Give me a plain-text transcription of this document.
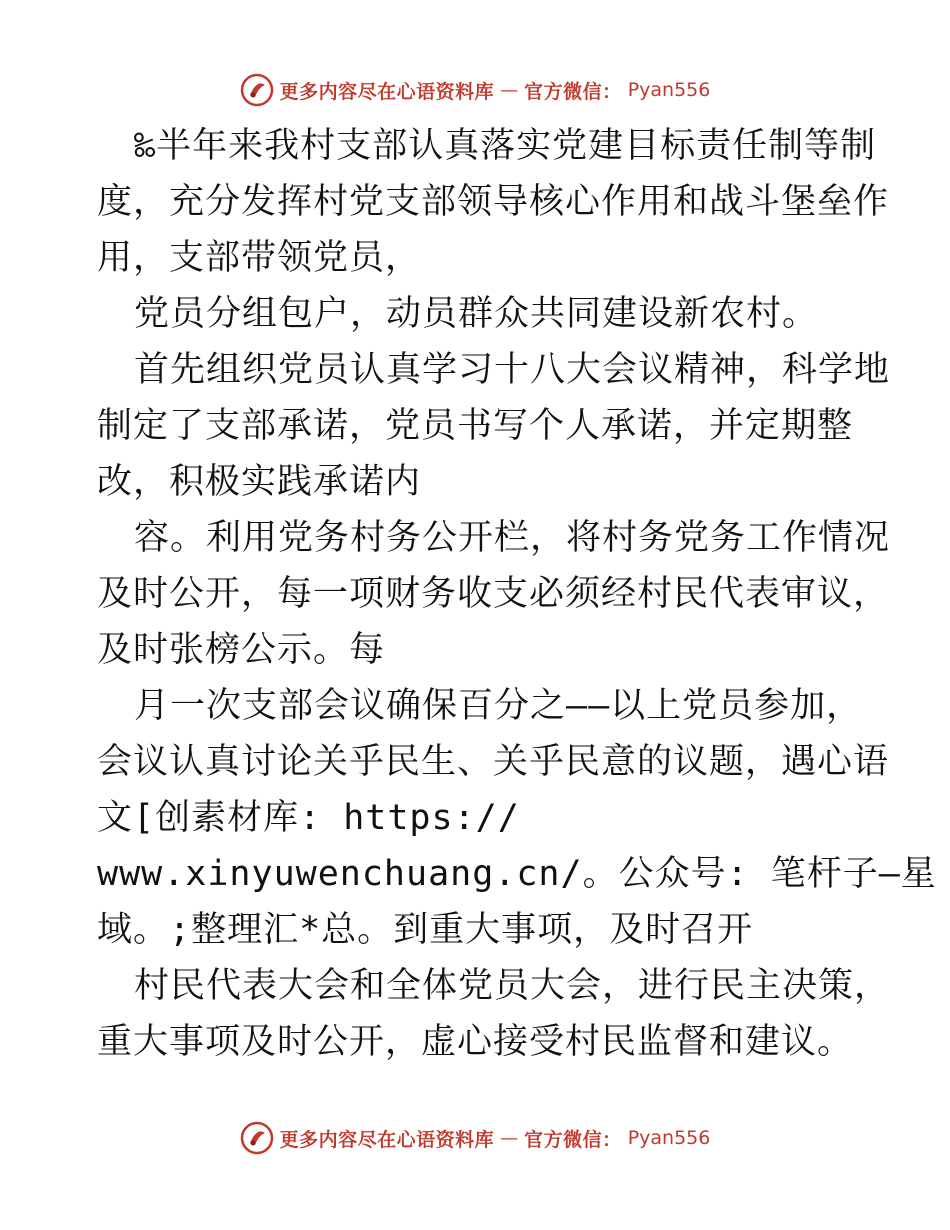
更多内容尽在心语资料库 — 官方微信： Pyan556
‰半年来我村支部认真落实党建目标责任制等制
度，充分发挥村党支部领导核心作用和战斗堡垒作
用，支部带领党员，
党员分组包户，动员群众共同建设新农村。
首先组织党员认真学习十八大会议精神，科学地
制定了支部承诺，党员书写个人承诺，并定期整
改，积极实践承诺内
容。利用党务村务公开栏，将村务党务工作情况
及时公开，每一项财务收支必须经村民代表审议，
及时张榜公示。每
月一次支部会议确保百分之——以上党员参加，
会议认真讨论关乎民生、关乎民意的议题，遇心语
文[创素材库: https://
www.xinyuwenchuang.cn/。公众号: 笔杆子—星
域。;整理汇*总。到重大事项，及时召开
村民代表大会和全体党员大会，进行民主决策，
重大事项及时公开，虚心接受村民监督和建议。
更多内容尽在心语资料库 — 官方微信： Pyan556
